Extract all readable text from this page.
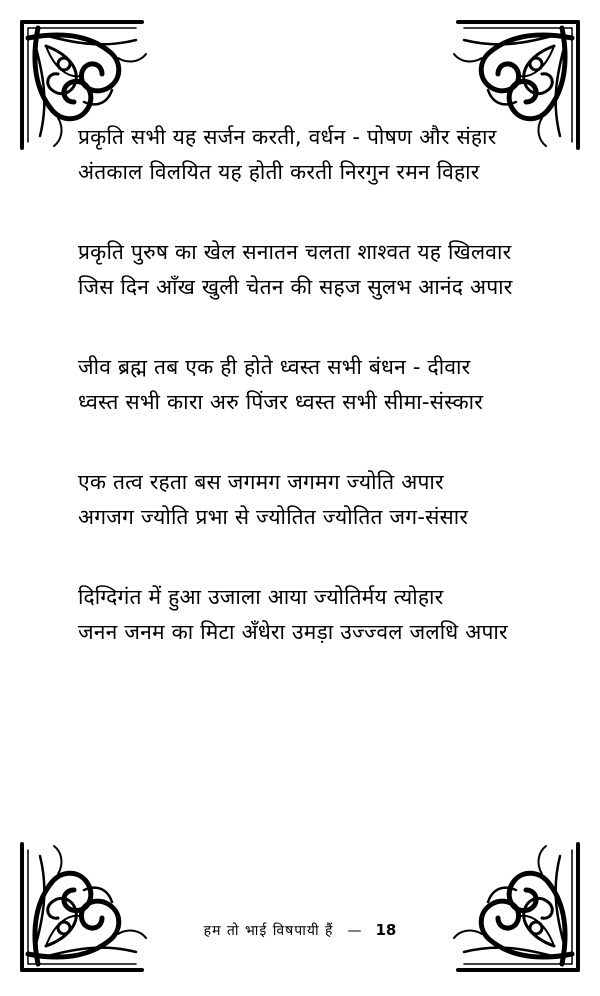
प्रकृति सभी यह सर्जन करती, वर्धन - पोषण और संहार
अंतकाल विलयित यह होती करती निरगुन रमन विहार
प्रकृति पुरुष का खेल सनातन चलता शाश्वत यह खिलवार
जिस दिन आँख खुली चेतन की सहज सुलभ आनंद अपार
जीव ब्रह्म तब एक ही होते ध्वस्त सभी बंधन - दीवार
ध्वस्त सभी कारा अरु पिंजर ध्वस्त सभी सीमा-संस्कार
एक तत्व रहता बस जगमग जगमग ज्योति अपार
अगजग ज्योति प्रभा से ज्योतित ज्योतित जग-संसार
दिग्दिगंत में हुआ उजाला आया ज्योतिर्मय त्योहार
जनन जनम का मिटा अँधेरा उमड़ा उज्ज्वल जलधि अपार
हम तो भाई विषपायी हैं — 18
